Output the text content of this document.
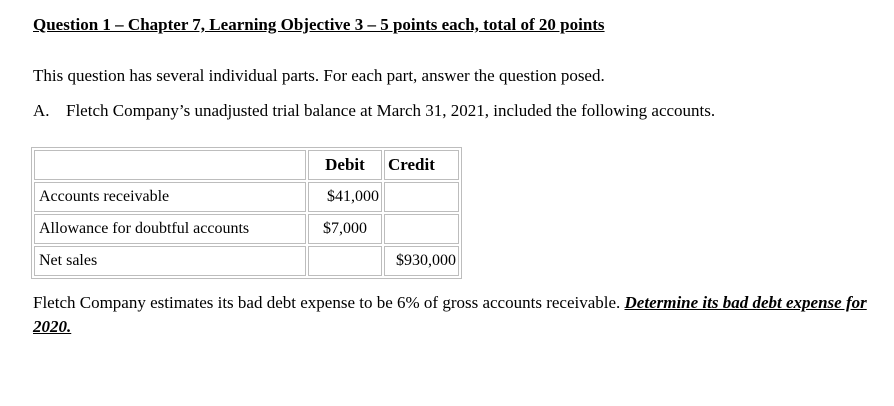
Question 1 – Chapter 7, Learning Objective 3 – 5 points each, total of 20 points
This question has several individual parts. For each part, answer the question posed.
A. Fletch Company’s unadjusted trial balance at March 31, 2021, included the following accounts.
	Debit	Credit
Accounts receivable	$41,000	
Allowance for doubtful accounts	$7,000	
Net sales		$930,000
Fletch Company estimates its bad debt expense to be 6% of gross accounts receivable. Determine its bad debt expense for 2020.
